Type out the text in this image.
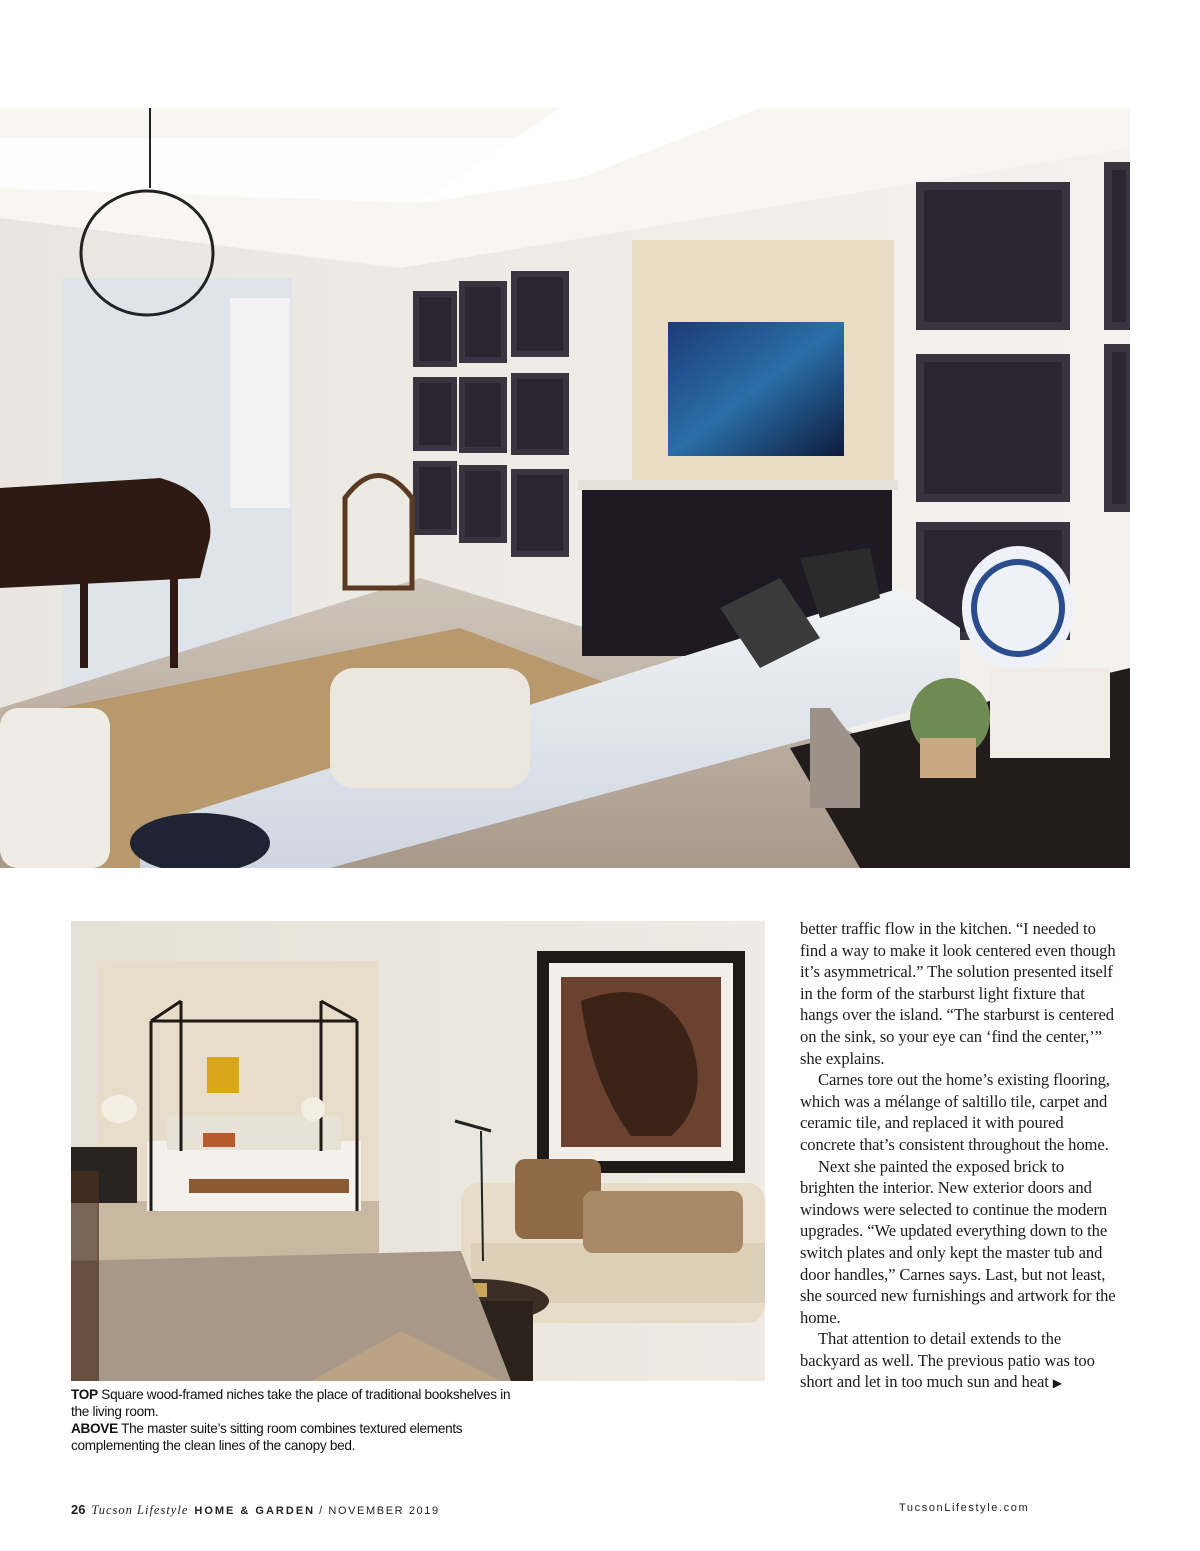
TOP Square wood-framed niches take the place of traditional bookshelves in the living room.

ABOVE The master suite’s sitting room combines textured elements complementing the clean lines of the canopy bed.

better traffic flow in the kitchen. “I needed to find a way to make it look centered even though it’s asymmetrical.” The solution presented itself in the form of the starburst light fixture that hangs over the island. “The starburst is centered on the sink, so your eye can ‘find the center,’” she explains.

Carnes tore out the home’s existing flooring, which was a mélange of saltillo tile, carpet and ceramic tile, and replaced it with poured concrete that’s consistent throughout the home.

Next she painted the exposed brick to brighten the interior. New exterior doors and windows were selected to continue the modern upgrades. “We updated everything down to the switch plates and only kept the master tub and door handles,” Carnes says. Last, but not least, she sourced new furnishings and artwork for the home.

That attention to detail extends to the backyard as well. The previous patio was too short and let in too much sun and heat ▶

26 Tucson Lifestyle HOME & GARDEN / NOVEMBER 2019	TucsonLifestyle.com
